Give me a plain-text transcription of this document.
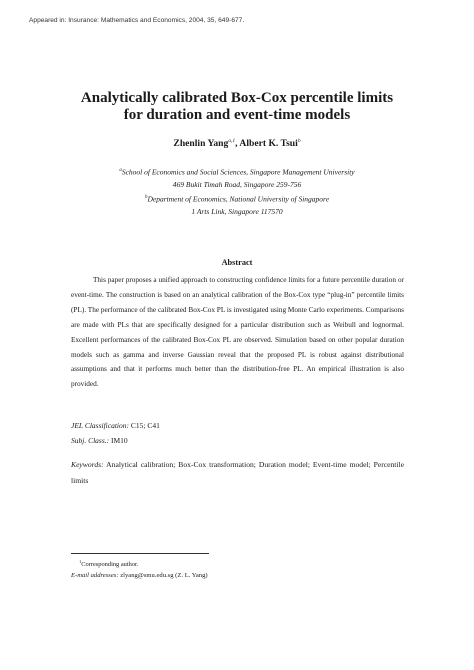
Appeared in: Insurance: Mathematics and Economics, 2004, 35, 649-677.
Analytically calibrated Box-Cox percentile limits
for duration and event-time models
Zhenlin Yang$^{a,1}$, Albert K. Tsui$^b$
$^a$School of Economics and Social Sciences, Singapore Management University
469 Bukit Timah Road, Singapore 259-756
$^b$Department of Economics, National University of Singapore
1 Arts Link, Singapore 117570
Abstract
This paper proposes a unified approach to constructing confidence limits for a future percentile duration or event-time. The construction is based on an analytical calibration of the Box-Cox type “plug-in” percentile limits (PL). The performance of the calibrated Box-Cox PL is investigated using Monte Carlo experiments. Comparisons are made with PLs that are specifically designed for a particular distribution such as Weibull and lognormal. Excellent performances of the calibrated Box-Cox PL are observed. Simulation based on other popular duration models such as gamma and inverse Gaussian reveal that the proposed PL is robust against distributional assumptions and that it performs much better than the distribution-free PL. An empirical illustration is also provided.
JEL Classification: C15; C41
Subj. Class.: IM10
Keywords: Analytical calibration; Box-Cox transformation; Duration model; Event-time model; Percentile limits
$^1$Corresponding author.
E-mail addresses: zlyang@smu.edu.sg (Z. L. Yang)
